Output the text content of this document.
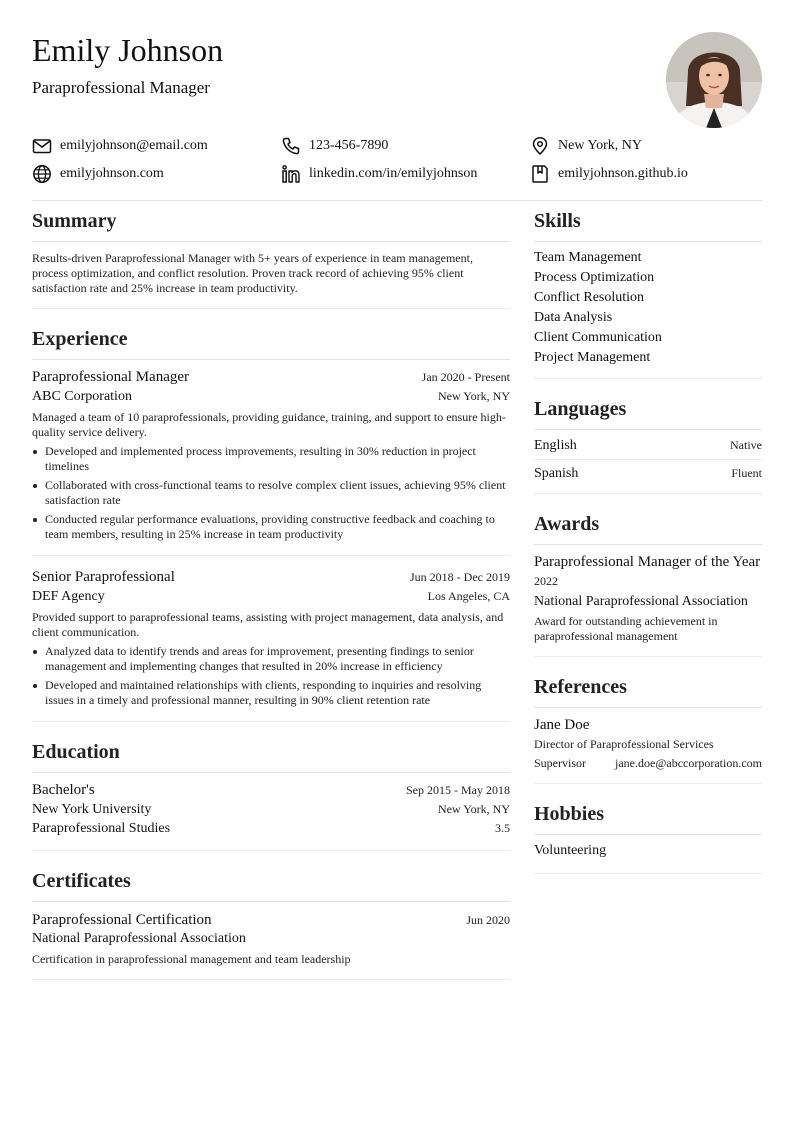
Emily Johnson
Paraprofessional Manager
emilyjohnson@email.com	123-456-7890	New York, NY
emilyjohnson.com	linkedin.com/in/emilyjohnson	emilyjohnson.github.io
Summary

Results-driven Paraprofessional Manager with 5+ years of experience in team management, process optimization, and conflict resolution. Proven track record of achieving 95% client satisfaction rate and 25% increase in team productivity.

Experience
Paraprofessional Manager	Jan 2020 - Present
ABC Corporation	New York, NY

Managed a team of 10 paraprofessionals, providing guidance, training, and support to ensure high-quality service delivery.

Developed and implemented process improvements, resulting in 30% reduction in project timelines
Collaborated with cross-functional teams to resolve complex client issues, achieving 95% client satisfaction rate
Conducted regular performance evaluations, providing constructive feedback and coaching to team members, resulting in 25% increase in team productivity
Senior Paraprofessional	Jun 2018 - Dec 2019
DEF Agency	Los Angeles, CA

Provided support to paraprofessional teams, assisting with project management, data analysis, and client communication.

Analyzed data to identify trends and areas for improvement, presenting findings to senior management and implementing changes that resulted in 20% increase in efficiency
Developed and maintained relationships with clients, responding to inquiries and resolving issues in a timely and professional manner, resulting in 90% client retention rate
Education
Bachelor's	Sep 2015 - May 2018
New York University	New York, NY
Paraprofessional Studies	3.5
Certificates
Paraprofessional Certification	Jun 2020
National Paraprofessional Association

Certification in paraprofessional management and team leadership

Skills
Team Management
Process Optimization
Conflict Resolution
Data Analysis
Client Communication
Project Management
Languages
English	Native
Spanish	Fluent
Awards
Paraprofessional Manager of the Year
2022
National Paraprofessional Association

Award for outstanding achievement in paraprofessional management

References
Jane Doe
Director of Paraprofessional Services
Supervisor jane.doe@abccorporation.com
Hobbies
Volunteering
